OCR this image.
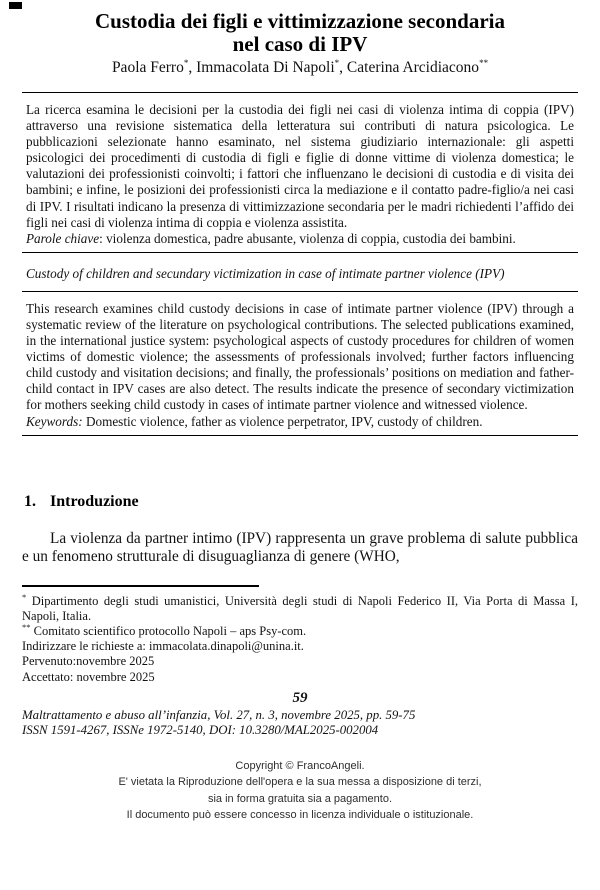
Custodia dei figli e vittimizzazione secondaria
nel caso di IPV
Paola Ferro*, Immacolata Di Napoli*, Caterina Arcidiacono**

La ricerca esamina le decisioni per la custodia dei figli nei casi di violenza intima di coppia (IPV) attraverso una revisione sistematica della letteratura sui contributi di natura psicologica. Le pubblicazioni selezionate hanno esaminato, nel sistema giudiziario internazionale: gli aspetti psicologici dei procedimenti di custodia di figli e figlie di donne vittime di violenza domestica; le valutazioni dei professionisti coinvolti; i fattori che influenzano le decisioni di custodia e di visita dei bambini; e infine, le posizioni dei professionisti circa la mediazione e il contatto padre-figlio/a nei casi di IPV. I risultati indicano la presenza di vittimizzazione secondaria per le madri richiedenti l’affido dei figli nei casi di violenza intima di coppia e violenza assistita.

Parole chiave: violenza domestica, padre abusante, violenza di coppia, custodia dei bambini.

Custody of children and secundary victimization in case of intimate partner violence (IPV)

This research examines child custody decisions in case of intimate partner violence (IPV) through a systematic review of the literature on psychological contributions. The selected publications examined, in the international justice system: psychological aspects of custody procedures for children of women victims of domestic violence; the assessments of professionals involved; further factors influencing child custody and visitation decisions; and finally, the professionals’ positions on mediation and father-child contact in IPV cases are also detect. The results indicate the presence of secondary victimization for mothers seeking child custody in cases of intimate partner violence and witnessed violence.

Keywords: Domestic violence, father as violence perpetrator, IPV, custody of children.

1. Introduzione

La violenza da partner intimo (IPV) rappresenta un grave problema di salute pubblica e un fenomeno strutturale di disuguaglianza di genere (WHO,

* Dipartimento degli studi umanistici, Università degli studi di Napoli Federico II, Via Porta di Massa I, Napoli, Italia.

** Comitato scientifico protocollo Napoli – aps Psy-com.

Indirizzare le richieste a: immacolata.dinapoli@unina.it.

Pervenuto:novembre 2025

Accettato: novembre 2025

59
Maltrattamento e abuso all’infanzia, Vol. 27, n. 3, novembre 2025, pp. 59-75
ISSN 1591-4267, ISSNe 1972-5140, DOI: 10.3280/MAL2025-002004
Copyright © FrancoAngeli.
E' vietata la Riproduzione dell'opera e la sua messa a disposizione di terzi,
sia in forma gratuita sia a pagamento.
Il documento può essere concesso in licenza individuale o istituzionale.
